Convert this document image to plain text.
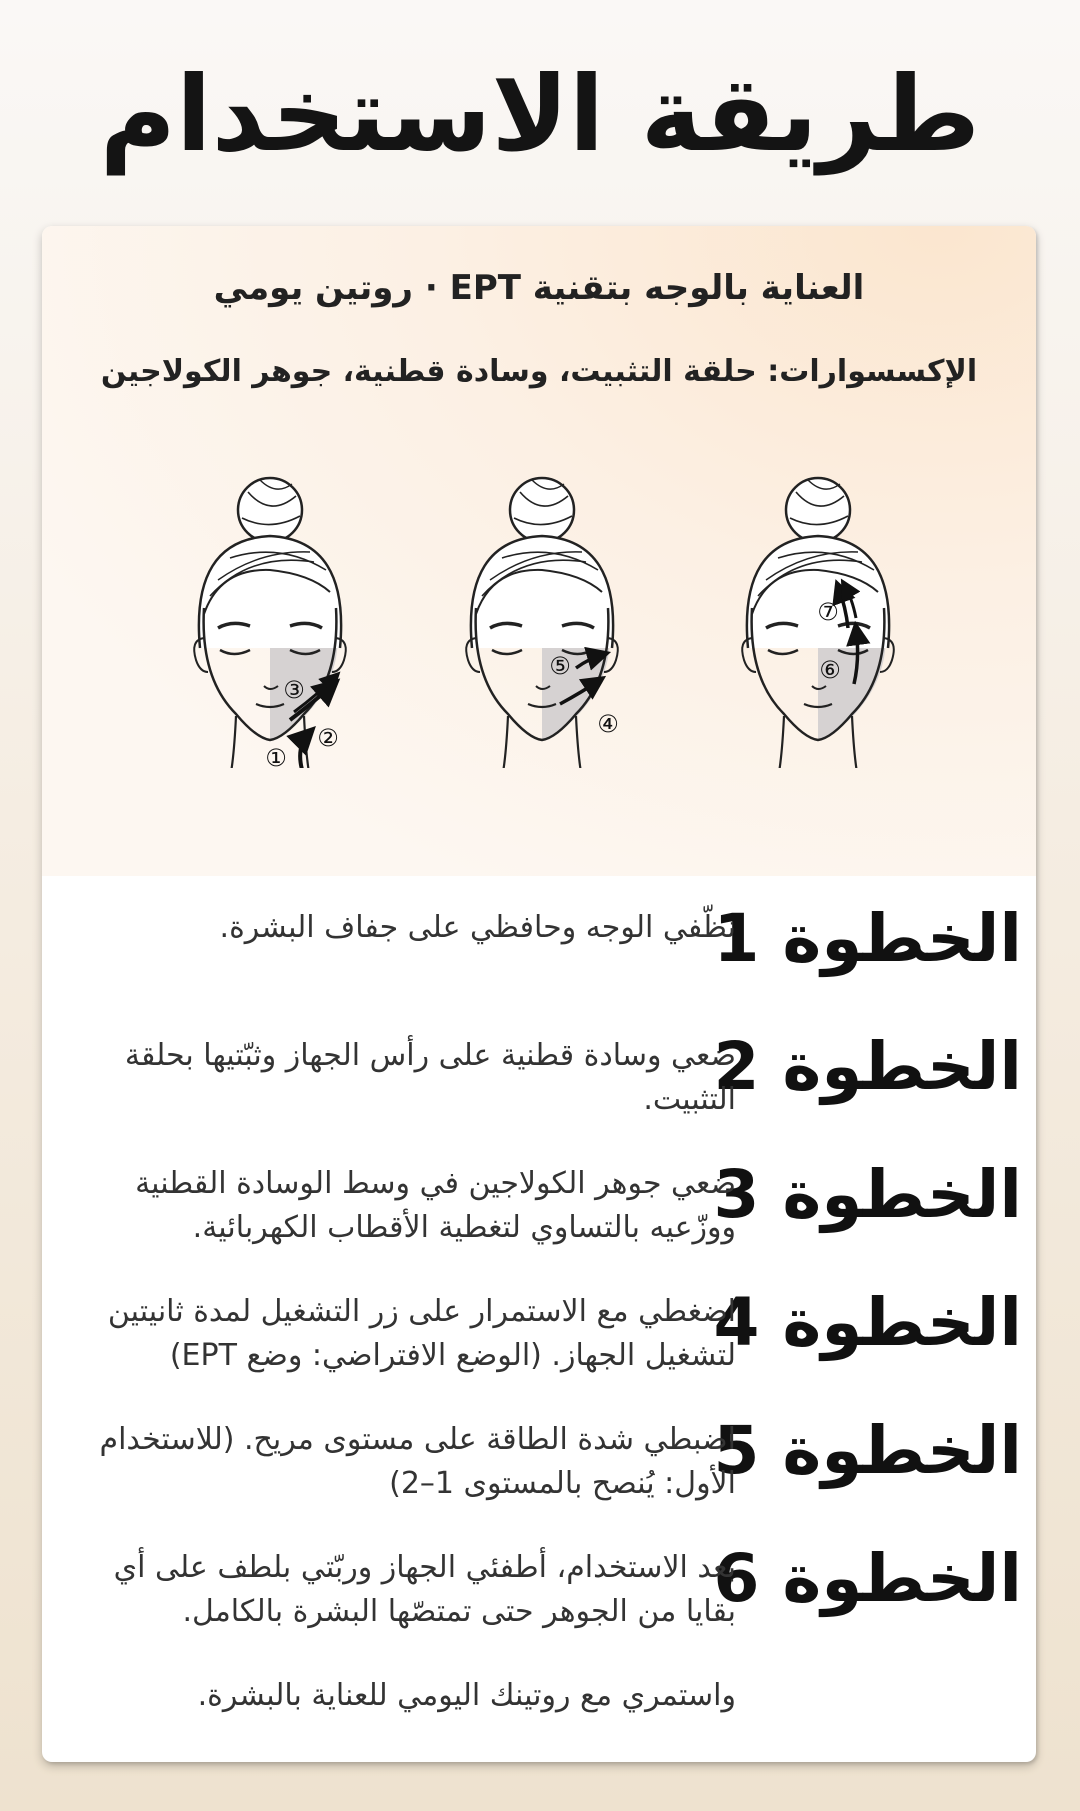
طريقة الاستخدام
العناية بالوجه بتقنية EPT · روتين يومي
الإكسسوارات: حلقة التثبيت، وسادة قطنية، جوهر الكولاجين
①
②
③
④
⑤	⑥
⑦
الخطوة 1
نظّفي الوجه وحافظي على جفاف البشرة.
الخطوة 2
ضعي وسادة قطنية على رأس الجهاز وثبّتيها بحلقة التثبيت.
الخطوة 3
ضعي جوهر الكولاجين في وسط الوسادة القطنية ووزّعيه بالتساوي لتغطية الأقطاب الكهربائية.
الخطوة 4
اضغطي مع الاستمرار على زر التشغيل لمدة ثانيتين لتشغيل الجهاز. (الوضع الافتراضي: وضع EPT)
الخطوة 5
اضبطي شدة الطاقة على مستوى مريح. (للاستخدام الأول: يُنصح بالمستوى 1–2)
الخطوة 6
بعد الاستخدام، أطفئي الجهاز وربّتي بلطف على أي بقايا من الجوهر حتى تمتصّها البشرة بالكامل.
واستمري مع روتينك اليومي للعناية بالبشرة.
